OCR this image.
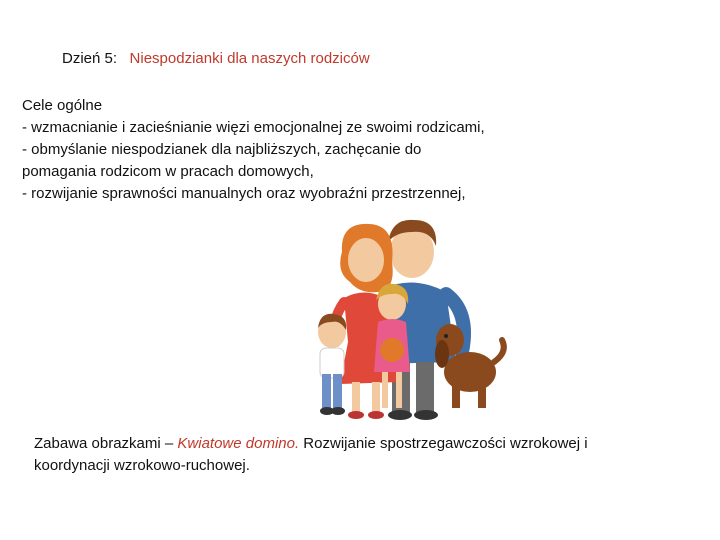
Dzień 5: Niespodzianki dla naszych rodziców
Cele ogólne
- wzmacnianie i zacieśnianie więzi emocjonalnej ze swoimi rodzicami,
- obmyślanie niespodzianek dla najbliższych, zachęcanie do
pomagania rodzicom w pracach domowych,
- rozwijanie sprawności manualnych oraz wyobraźni przestrzennej,
Zabawa obrazkami – Kwiatowe domino. Rozwijanie spostrzegawczości wzrokowej i
koordynacji wzrokowo-ruchowej.
